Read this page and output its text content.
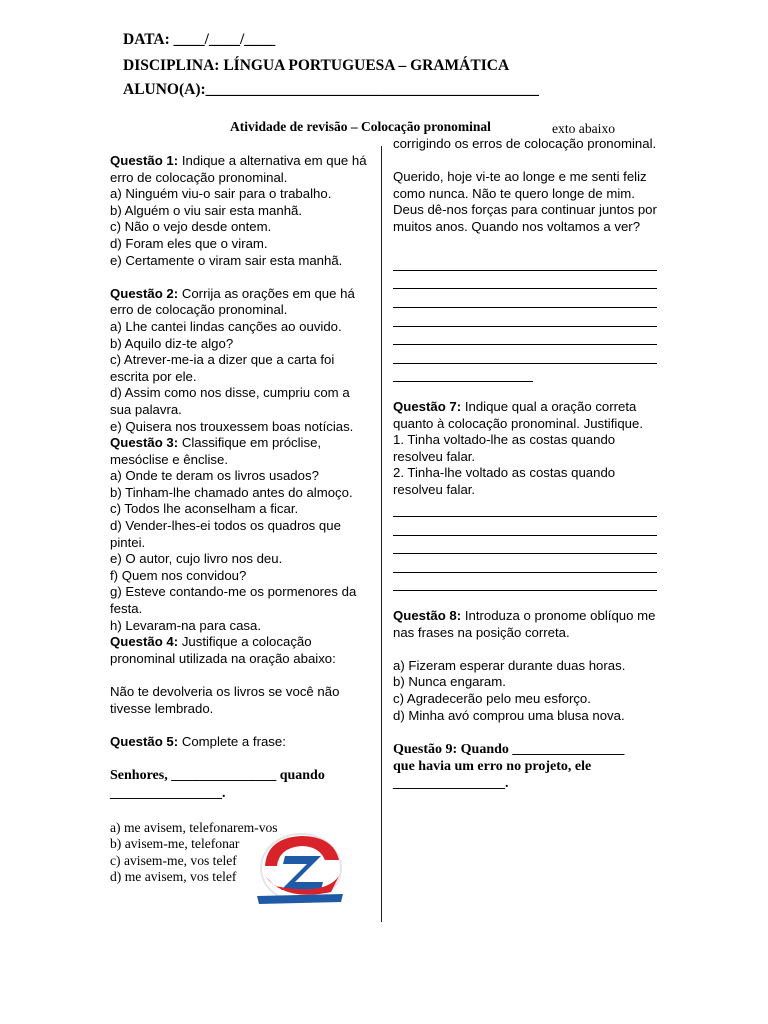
DATA: ____/____/____
DISCIPLINA: LÍNGUA PORTUGUESA – GRAMÁTICA
ALUNO(A):___________________________________________
Atividade de revisão – Colocação pronominal

Questão 1: Indique a alternativa em que há erro de colocação pronominal.

a) Ninguém viu-o sair para o trabalho.

b) Alguém o viu sair esta manhã.

c) Não o vejo desde ontem.

d) Foram eles que o viram.

e) Certamente o viram sair esta manhã.

Questão 2: Corrija as orações em que há erro de colocação pronominal.

a) Lhe cantei lindas canções ao ouvido.

b) Aquilo diz-te algo?

c) Atrever-me-ia a dizer que a carta foi escrita por ele.

d) Assim como nos disse, cumpriu com a sua palavra.

e) Quisera nos trouxessem boas notícias.

Questão 3: Classifique em próclise, mesóclise e ênclise.

a) Onde te deram os livros usados?

b) Tinham-lhe chamado antes do almoço.

c) Todos lhe aconselham a ficar.

d) Vender-lhes-ei todos os quadros que pintei.

e) O autor, cujo livro nos deu.

f) Quem nos convidou?

g) Esteve contando-me os pormenores da festa.

h) Levaram-na para casa.

Questão 4: Justifique a colocação pronominal utilizada na oração abaixo:

Não te devolveria os livros se você não tivesse lembrado.

Questão 5: Complete a frase:

Senhores, _______________ quando

________________.

a) me avisem, telefonarem-vos

b) avisem-me, telefonar

c) avisem-me, vos telef

d) me avisem, vos telef

exto abaixo

corrigindo os erros de colocação pronominal.

Querido, hoje vi-te ao longe e me senti feliz como nunca. Não te quero longe de mim. Deus dê-nos forças para continuar juntos por muitos anos. Quando nos voltamos a ver?

Questão 7: Indique qual a oração correta quanto à colocação pronominal. Justifique.

1. Tinha voltado-lhe as costas quando resolveu falar.

2. Tinha-lhe voltado as costas quando resolveu falar.

Questão 8: Introduza o pronome oblíquo me nas frases na posição correta.

a) Fizeram esperar durante duas horas.

b) Nunca engaram.

c) Agradecerão pelo meu esforço.

d) Minha avó comprou uma blusa nova.

Questão 9: Quando ________________

que havia um erro no projeto, ele

________________.
